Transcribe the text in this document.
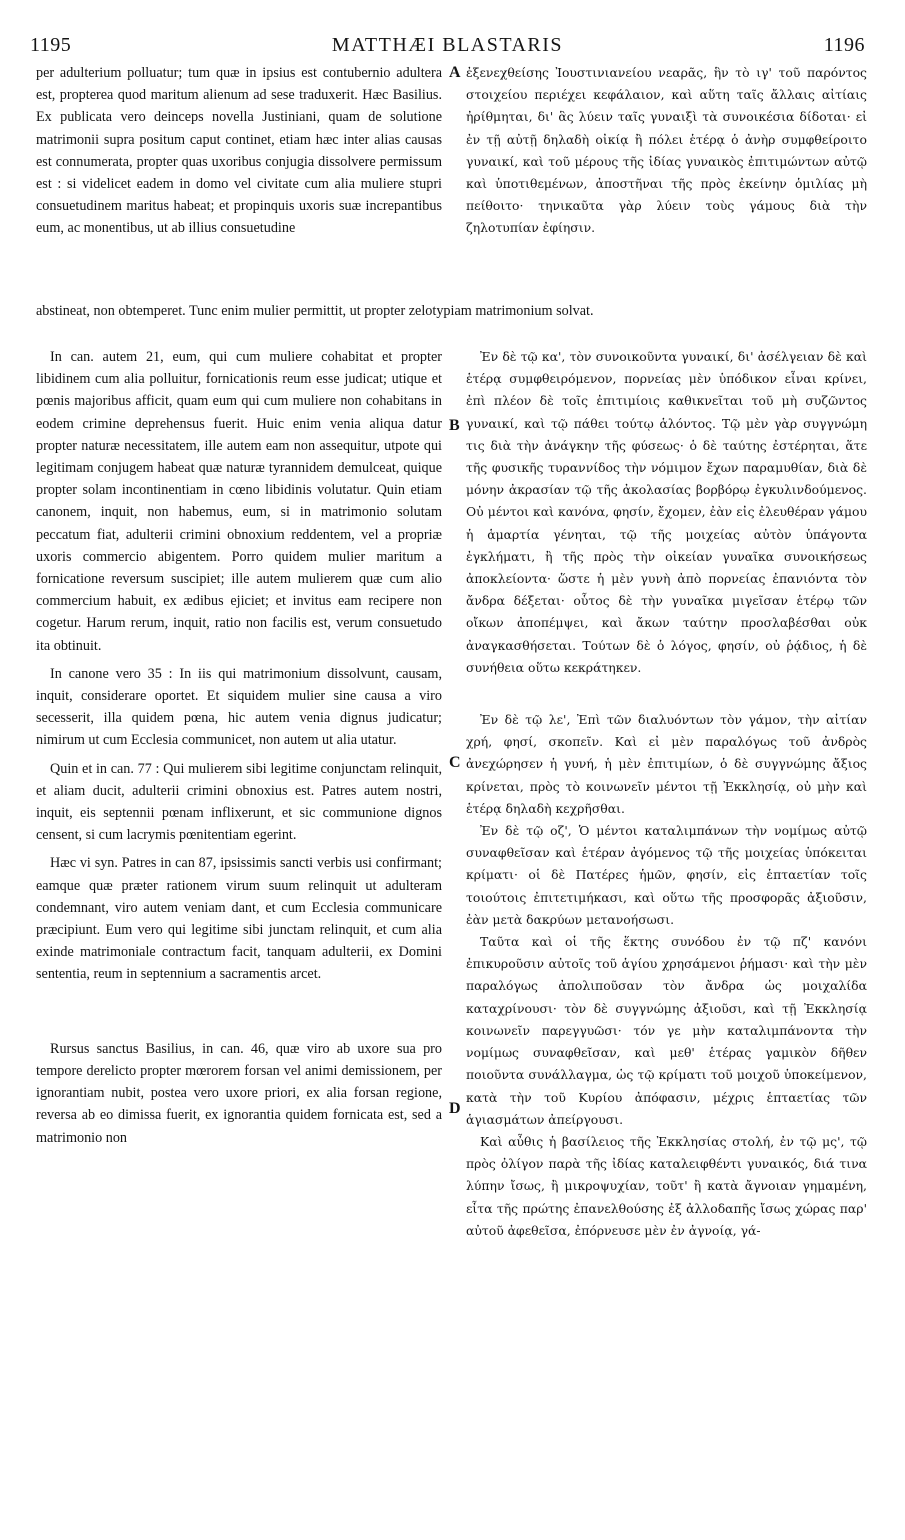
1195	MATTHÆI BLASTARIS	1196
A
B
C
D

per adulterium polluatur; tum quæ in ipsius est contubernio adultera est, propterea quod maritum alienum ad sese traduxerit. Hæc Basilius. Ex publicata vero deinceps novella Justiniani, quam de solutione matrimonii supra positum caput continet, etiam hæc inter alias causas est connumerata, propter quas uxoribus conjugia dissolvere permissum est : si videlicet eadem in domo vel civitate cum alia muliere stupri consuetudinem maritus habeat; et propinquis uxoris suæ increpantibus eum, ac monentibus, ut ab illius consuetudine

ἐξενεχθείσης Ἰουστινιανείου νεαρᾶς, ἣν τὸ ιγ' τοῦ παρόντος στοιχείου περιέχει κεφάλαιον, καὶ αὕτη ταῖς ἄλλαις αἰτίαις ἠρίθμηται, δι' ἃς λύειν ταῖς γυναιξὶ τὰ συνοικέσια δίδοται· εἰ ἐν τῇ αὐτῇ δηλαδὴ οἰκίᾳ ἢ πόλει ἑτέρᾳ ὁ ἀνὴρ συμφθείροιτο γυναικί, καὶ τοῦ μέρους τῆς ἰδίας γυναικὸς ἐπιτιμώντων αὐτῷ καὶ ὑποτιθεμένων, ἀποστῆναι τῆς πρὸς ἐκείνην ὁμιλίας μὴ πείθοιτο· τηνικαῦτα γὰρ λύειν τοὺς γάμους διὰ τὴν ζηλοτυπίαν ἐφίησιν.

abstineat, non obtemperet. Tunc enim mulier permittit, ut propter zelotypiam matrimonium solvat.

In can. autem 21, eum, qui cum muliere cohabitat et propter libidinem cum alia polluitur, fornicationis reum esse judicat; utique et pœnis majoribus afficit, quam eum qui cum muliere non cohabitans in eodem crimine deprehensus fuerit. Huic enim venia aliqua datur propter naturæ necessitatem, ille autem eam non assequitur, utpote qui legitimam conjugem habeat quæ naturæ tyrannidem demulceat, quique propter solam incontinentiam in cœno libidinis volutatur. Quin etiam canonem, inquit, non habemus, eum, si in matrimonio solutam peccatum fiat, adulterii crimini obnoxium reddentem, vel a propriæ uxoris commercio abigentem. Porro quidem mulier maritum a fornicatione reversum suscipiet; ille autem mulierem quæ cum alio commercium habuit, ex ædibus ejiciet; et invitus eam recipere non cogetur. Harum rerum, inquit, ratio non facilis est, verum consuetudo ita obtinuit.

In canone vero 35 : In iis qui matrimonium dissolvunt, causam, inquit, considerare oportet. Et siquidem mulier sine causa a viro secesserit, illa quidem pœna, hic autem venia dignus judicatur; nimirum ut cum Ecclesia communicet, non autem ut alia utatur.

Quin et in can. 77 : Qui mulierem sibi legitime conjunctam relinquit, et aliam ducit, adulterii crimini obnoxius est. Patres autem nostri, inquit, eis septennii pœnam inflixerunt, et sic communione dignos censent, si cum lacrymis pœnitentiam egerint.

Hæc vi syn. Patres in can 87, ipsissimis sancti verbis usi confirmant; eamque quæ præter rationem virum suum relinquit ut adulteram condemnant, viro autem veniam dant, et cum Ecclesia communicare præcipiunt. Eum vero qui legitime sibi junctam relinquit, et cum alia exinde matrimoniale contractum facit, tanquam adulterii, ex Domini sententia, reum in septennium a sacramentis arcet.

Rursus sanctus Basilius, in can. 46, quæ viro ab uxore sua pro tempore derelicto propter mœrorem forsan vel animi demissionem, per ignorantiam nubit, postea vero uxore priori, ex alia forsan regione, reversa ab eo dimissa fuerit, ex ignorantia quidem fornicata est, sed a matrimonio non

Ἐν δὲ τῷ κα', τὸν συνοικοῦντα γυναικί, δι' ἀσέλγειαν δὲ καὶ ἑτέρᾳ συμφθειρόμενον, πορνείας μὲν ὑπόδικον εἶναι κρίνει, ἐπὶ πλέον δὲ τοῖς ἐπιτιμίοις καθικνεῖται τοῦ μὴ συζῶντος γυναικί, καὶ τῷ πάθει τούτῳ ἁλόντος. Τῷ μὲν γὰρ συγγνώμη τις διὰ τὴν ἀνάγκην τῆς φύσεως· ὁ δὲ ταύτης ἐστέρηται, ἅτε τῆς φυσικῆς τυραννίδος τὴν νόμιμον ἔχων παραμυθίαν, διὰ δὲ μόνην ἀκρασίαν τῷ τῆς ἀκολασίας βορβόρῳ ἐγκυλινδούμενος. Οὐ μέντοι καὶ κανόνα, φησίν, ἔχομεν, ἐὰν εἰς ἐλευθέραν γάμου ἡ ἁμαρτία γένηται, τῷ τῆς μοιχείας αὐτὸν ὑπάγοντα ἐγκλήματι, ἢ τῆς πρὸς τὴν οἰκείαν γυναῖκα συνοικήσεως ἀποκλείοντα· ὥστε ἡ μὲν γυνὴ ἀπὸ πορνείας ἐπανιόντα τὸν ἄνδρα δέξεται· οὗτος δὲ τὴν γυναῖκα μιγεῖσαν ἑτέρῳ τῶν οἴκων ἀποπέμψει, καὶ ἄκων ταύτην προσλαβέσθαι οὐκ ἀναγκασθήσεται. Τούτων δὲ ὁ λόγος, φησίν, οὐ ῥᾴδιος, ἡ δὲ συνήθεια οὕτω κεκράτηκεν.

Ἐν δὲ τῷ λε', Ἐπὶ τῶν διαλυόντων τὸν γάμον, τὴν αἰτίαν χρή, φησί, σκοπεῖν. Καὶ εἰ μὲν παραλόγως τοῦ ἀνδρὸς ἀνεχώρησεν ἡ γυνή, ἡ μὲν ἐπιτιμίων, ὁ δὲ συγγνώμης ἄξιος κρίνεται, πρὸς τὸ κοινωνεῖν μέντοι τῇ Ἐκκλησίᾳ, οὐ μὴν καὶ ἑτέρᾳ δηλαδὴ κεχρῆσθαι.

Ἐν δὲ τῷ οζ', Ὁ μέντοι καταλιμπάνων τὴν νομίμως αὐτῷ συναφθεῖσαν καὶ ἑτέραν ἀγόμενος τῷ τῆς μοιχείας ὑπόκειται κρίματι· οἱ δὲ Πατέρες ἡμῶν, φησίν, εἰς ἑπταετίαν τοῖς τοιούτοις ἐπιτετιμήκασι, καὶ οὕτω τῆς προσφορᾶς ἀξιοῦσιν, ἐὰν μετὰ δακρύων μετανοήσωσι.

Ταῦτα καὶ οἱ τῆς ἕκτης συνόδου ἐν τῷ πζ' κανόνι ἐπικυροῦσιν αὐτοῖς τοῦ ἁγίου χρησάμενοι ῥήμασι· καὶ τὴν μὲν παραλόγως ἀπολιποῦσαν τὸν ἄνδρα ὡς μοιχαλίδα καταχρίνουσι· τὸν δὲ συγγνώμης ἀξιοῦσι, καὶ τῇ Ἐκκλησίᾳ κοινωνεῖν παρεγγυῶσι· τόν γε μὴν καταλιμπάνοντα τὴν νομίμως συναφθεῖσαν, καὶ μεθ' ἑτέρας γαμικὸν δῆθεν ποιοῦντα συνάλλαγμα, ὡς τῷ κρίματι τοῦ μοιχοῦ ὑποκείμενον, κατὰ τὴν τοῦ Κυρίου ἀπόφασιν, μέχρις ἑπταετίας τῶν ἁγιασμάτων ἀπείργουσι.

Καὶ αὖθις ἡ βασίλειος τῆς Ἐκκλησίας στολή, ἐν τῷ μς', τῷ πρὸς ὀλίγον παρὰ τῆς ἰδίας καταλειφθέντι γυναικός, διά τινα λύπην ἴσως, ἢ μικροψυχίαν, τοῦτ' ἢ κατὰ ἄγνοιαν γημαμένη, εἶτα τῆς πρώτης ἐπανελθούσης ἐξ ἀλλοδαπῆς ἴσως χώρας παρ' αὐτοῦ ἀφεθεῖσα, ἐπόρνευσε μὲν ἐν ἀγνοίᾳ, γά-
